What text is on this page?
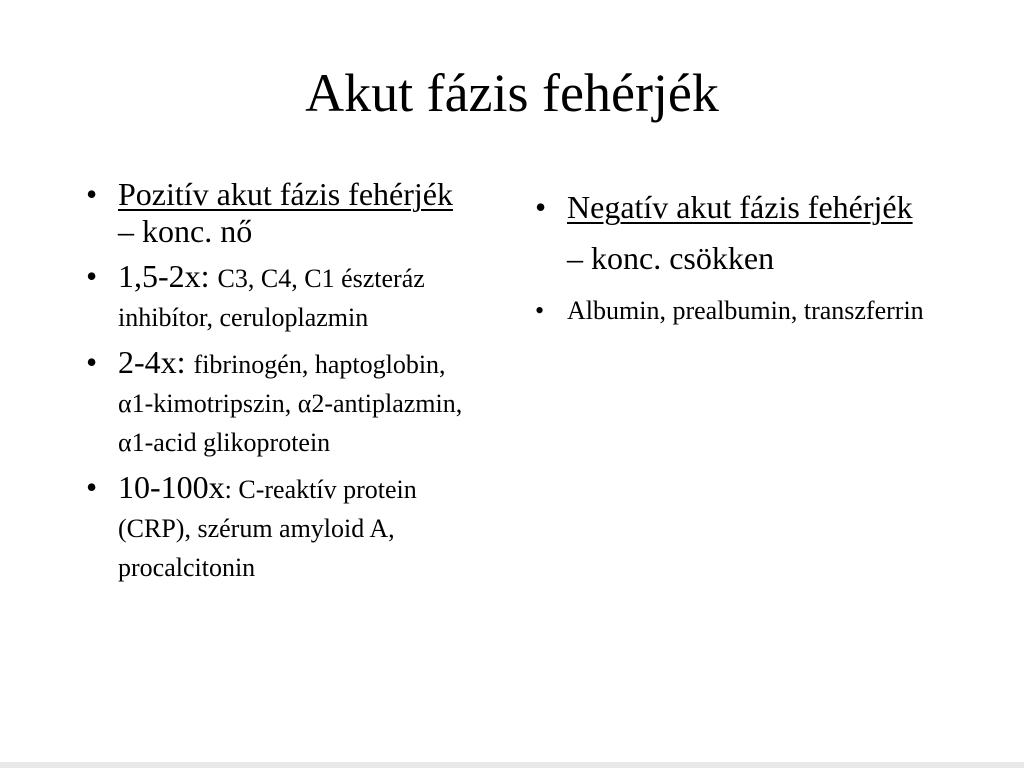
Akut fázis fehérjék
• Pozitív akut fázis fehérjék – konc. nő
• 1,5-2x: C3, C4, C1 észteráz inhibítor, ceruloplazmin
• 2-4x: fibrinogén, haptoglobin, α1-kimotripszin, α2-antiplazmin, α1-acid glikoprotein
• 10-100x: C-reaktív protein (CRP), szérum amyloid A, procalcitonin
• Negatív akut fázis fehérjék – konc. csökken
• Albumin, prealbumin, transzferrin
